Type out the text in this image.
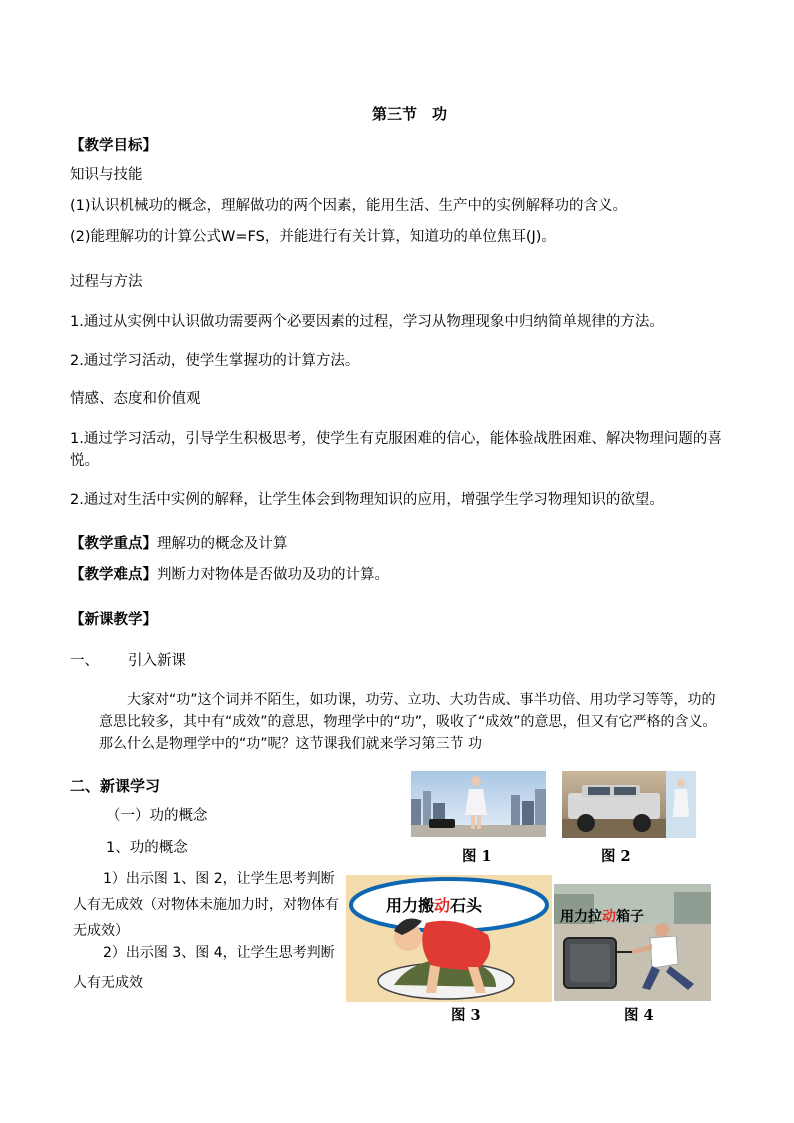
第三节　功
【教学目标】
知识与技能
(1)认识机械功的概念，理解做功的两个因素，能用生活、生产中的实例解释功的含义。
(2)能理解功的计算公式W=FS，并能进行有关计算，知道功的单位焦耳(J)。
过程与方法
1.通过从实例中认识做功需要两个必要因素的过程，学习从物理现象中归纳简单规律的方法。
2.通过学习活动，使学生掌握功的计算方法。
情感、态度和价值观
1.通过学习活动，引导学生积极思考，使学生有克服困难的信心，能体验战胜困难、解决物理问题的喜悦。
2.通过对生活中实例的解释，让学生体会到物理知识的应用，增强学生学习物理知识的欲望。
【教学重点】理解功的概念及计算
【教学难点】判断力对物体是否做功及功的计算。
【新课教学】
一、 引入新课
大家对“功”这个词并不陌生，如功课，功劳、立功、大功告成、事半功倍、用功学习等等，功的意思比较多，其中有“成效”的意思，物理学中的“功”，吸收了“成效”的意思，但又有它严格的含义。那么什么是物理学中的“功”呢？这节课我们就来学习第三节 功
二、新课学习
（一）功的概念
1、功的概念
1）出示图 1、图 2，让学生思考判断人有无成效（对物体未施加力时，对物体有无成效）
2）出示图 3、图 4，让学生思考判断人有无成效
图 1	图 2
用力搬动石头
图 3
用力拉动箱子
图 4
